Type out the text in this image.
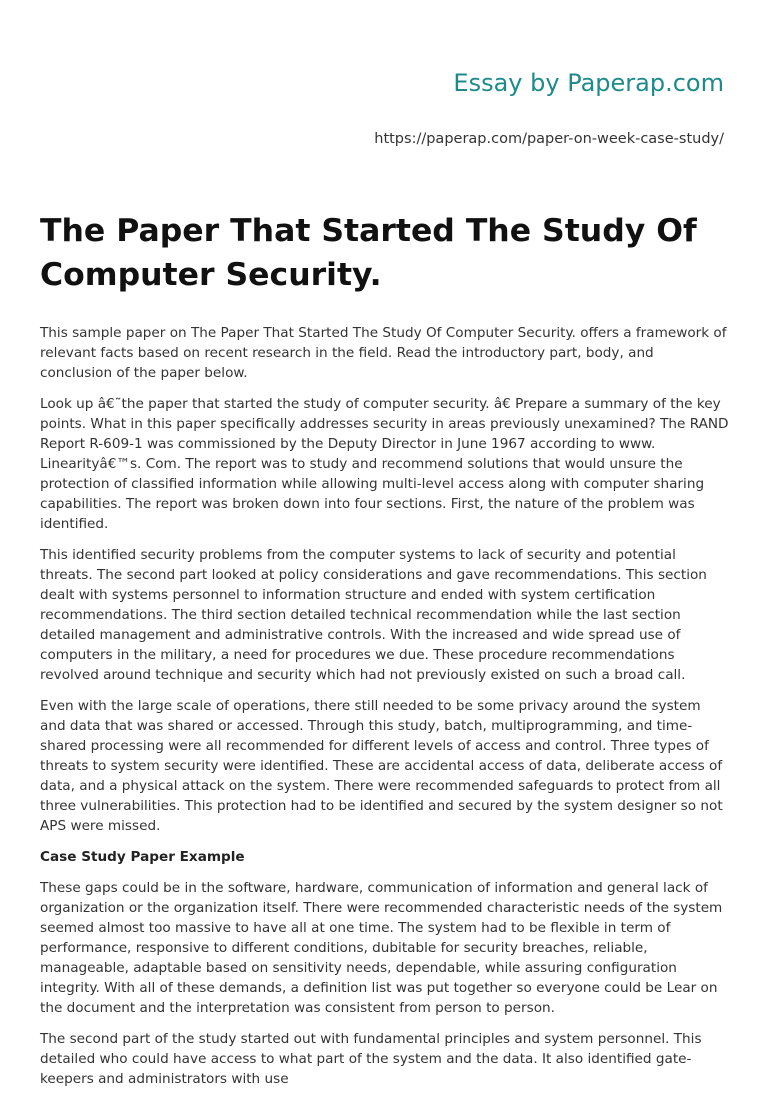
Essay by Paperap.com
https://paperap.com/paper-on-week-case-study/
The Paper That Started The Study Of Computer Security.

This sample paper on The Paper That Started The Study Of Computer Security. offers a framework of relevant facts based on recent research in the field. Read the introductory part, body, and conclusion of the paper below.

Look up â€˜the paper that started the study of computer security. â€ Prepare a summary of the key points. What in this paper specifically addresses security in areas previously unexamined? The RAND Report R-609-1 was commissioned by the Deputy Director in June 1967 according to www. Linearityâ€™s. Com. The report was to study and recommend solutions that would unsure the protection of classified information while allowing multi-level access along with computer sharing capabilities. The report was broken down into four sections. First, the nature of the problem was identified.

This identified security problems from the computer systems to lack of security and potential threats. The second part looked at policy considerations and gave recommendations. This section dealt with systems personnel to information structure and ended with system certification recommendations. The third section detailed technical recommendation while the last section detailed management and administrative controls. With the increased and wide spread use of computers in the military, a need for procedures we due. These procedure recommendations revolved around technique and security which had not previously existed on such a broad call.

Even with the large scale of operations, there still needed to be some privacy around the system and data that was shared or accessed. Through this study, batch, multiprogramming, and time-shared processing were all recommended for different levels of access and control. Three types of threats to system security were identified. These are accidental access of data, deliberate access of data, and a physical attack on the system. There were recommended safeguards to protect from all three vulnerabilities. This protection had to be identified and secured by the system designer so not APS were missed.

Case Study Paper Example

These gaps could be in the software, hardware, communication of information and general lack of organization or the organization itself. There were recommended characteristic needs of the system seemed almost too massive to have all at one time. The system had to be flexible in term of performance, responsive to different conditions, dubitable for security breaches, reliable, manageable, adaptable based on sensitivity needs, dependable, while assuring configuration integrity. With all of these demands, a definition list was put together so everyone could be Lear on the document and the interpretation was consistent from person to person.

The second part of the study started out with fundamental principles and system personnel. This detailed who could have access to what part of the system and the data. It also identified gate-keepers and administrators with use
